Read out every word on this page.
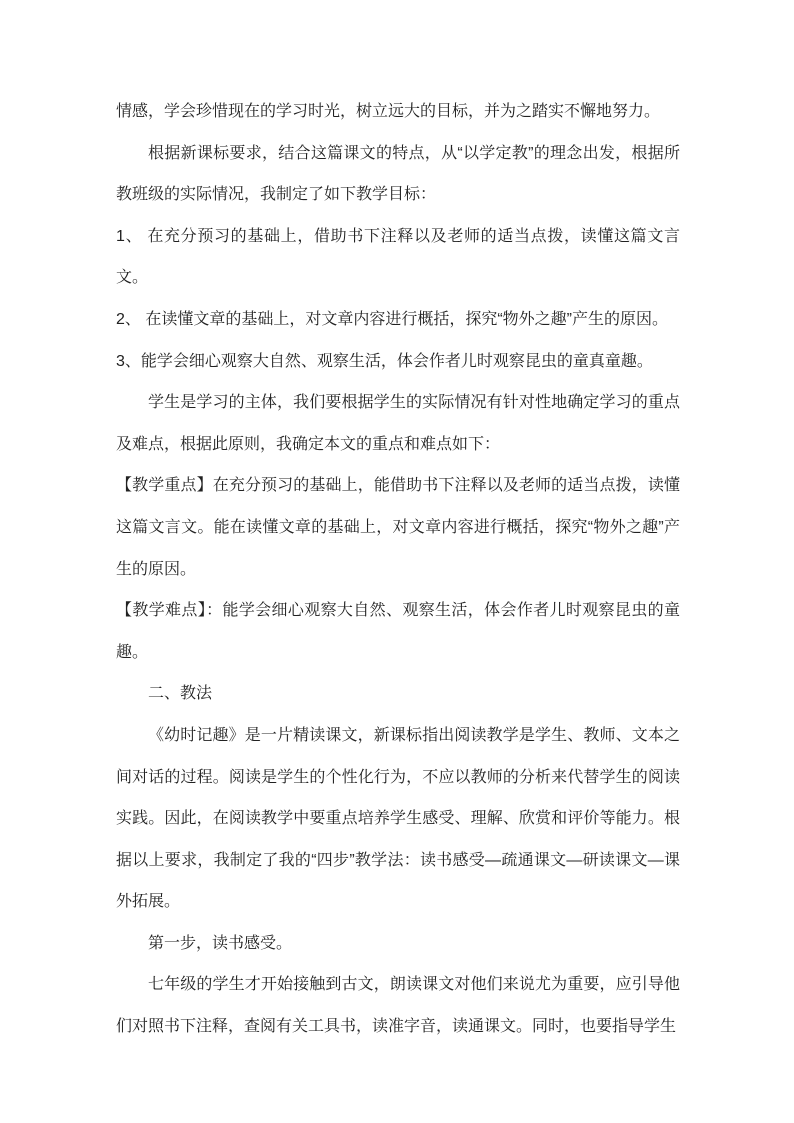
情感，学会珍惜现在的学习时光，树立远大的目标，并为之踏实不懈地努力。

根据新课标要求，结合这篇课文的特点，从“以学定教”的理念出发，根据所教班级的实际情况，我制定了如下教学目标：

1、 在充分预习的基础上，借助书下注释以及老师的适当点拨，读懂这篇文言文。

2、 在读懂文章的基础上，对文章内容进行概括，探究“物外之趣”产生的原因。

3、能学会细心观察大自然、观察生活，体会作者儿时观察昆虫的童真童趣。

学生是学习的主体，我们要根据学生的实际情况有针对性地确定学习的重点及难点，根据此原则，我确定本文的重点和难点如下：

【教学重点】在充分预习的基础上，能借助书下注释以及老师的适当点拨，读懂这篇文言文。能在读懂文章的基础上，对文章内容进行概括，探究“物外之趣”产生的原因。

【教学难点】：能学会细心观察大自然、观察生活，体会作者儿时观察昆虫的童趣。

二、教法

《幼时记趣》是一片精读课文，新课标指出阅读教学是学生、教师、文本之间对话的过程。阅读是学生的个性化行为，不应以教师的分析来代替学生的阅读实践。因此，在阅读教学中要重点培养学生感受、理解、欣赏和评价等能力。根据以上要求，我制定了我的“四步”教学法：读书感受—疏通课文—研读课文—课外拓展。

第一步，读书感受。

七年级的学生才开始接触到古文，朗读课文对他们来说尤为重要，应引导他们对照书下注释，查阅有关工具书，读准字音，读通课文。同时，也要指导学生
